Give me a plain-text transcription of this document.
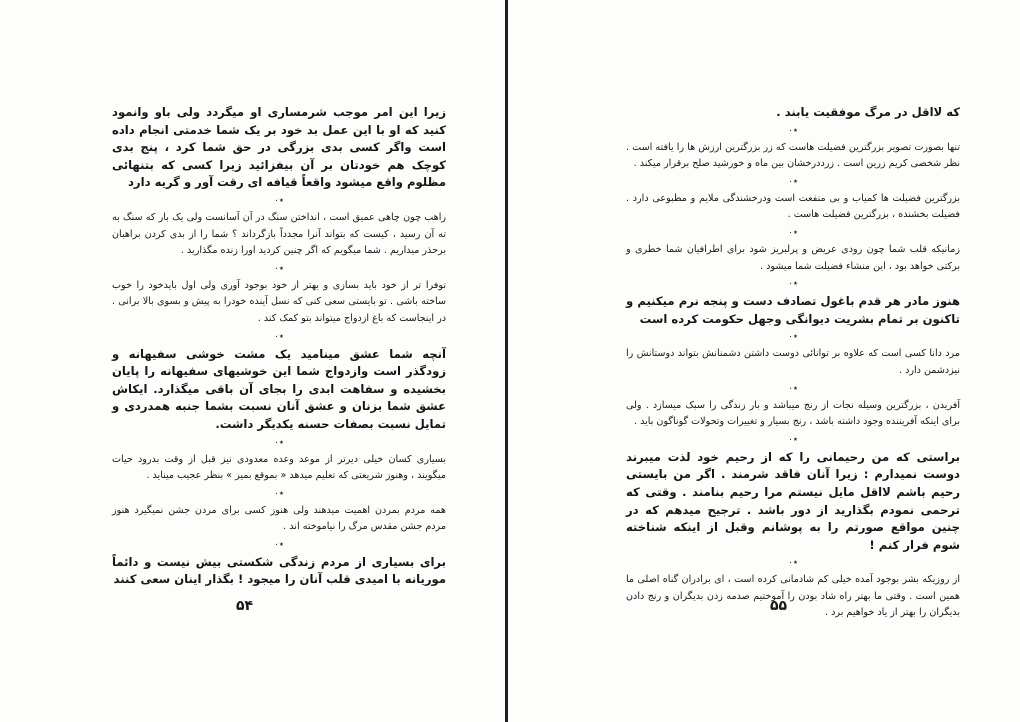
زیرا این امر موجب شرمساری او میگردد ولی باو وانمود کنید که او با این عمل بد خود بر یک شما خدمتی انجام داده است واگر کسی بدی بزرگی در حق شما کرد ، پنج بدی کوچک هم خودتان بر آن بیفزائید زیرا کسی که بتنهائی مظلوم واقع میشود واقعاً قیافه ای رقت آور و گریه دارد

٭٠

راهب چون چاهی عمیق است ، انداختن سنگ در آن آسانست ولی یک بار که سنگ به ته آن رسید ، کیست که بتواند آنرا مجدداً بازگرداند ؟ شما را از بدی کردن براهبان برحذر میداریم . شما میگویم که اگر چنین کردید اورا زنده مگذارید .

٭٠

توفرا تر از خود باید بسازی و بهتر از خود بوجود آوری ولی اول بایدخود را خوب ساخته باشی . تو بایستی سعی کنی که نسل آینده خودرا به پیش و بسوی بالا برانی . در اینجاست که باغ ازدواج میتواند بتو کمک کند .

٭٠

آنچه شما عشق مینامید یک مشت خوشی سفیهانه و زودگذر است وازدواج شما این خوشیهای سفیهانه را پایان بخشیده و سفاهت ابدی را بجای آن باقی میگذارد. ایکاش عشق شما بزنان و عشق آنان نسبت بشما جنبه همدردی و تمایل نسبت بصفات حسنه یکدیگر داشت.

٭٠

بسیاری کسان خیلی دیرتر از موعد وعده معدودی نیز قبل از وقت بدرود حیات میگویند ، وهنوز شریعتی که تعلیم میدهد « بموقع بمیر » بنظر عجیب میناید .

٭٠

همه مردم بمردن اهمیت میدهند ولی هنوز کسی برای مردن جشن نمیگیرد هنوز مردم جشن مقدس مرگ را نیاموخته اند .

٭٠

برای بسیاری از مردم زندگی شکستی بیش نیست و دائماً موریانه با امیدی قلب آنان را میجود ! بگذار اینان سعی کنند

۵۴

که لااقل در مرگ موفقیت یابند .

٭٠

تنها بصورت تصویر بزرگترین فضیلت هاست که زر بزرگترین ارزش ها را یافته است . نظر شخصی کریم زرین است . زرددرخشان بین ماه و خورشید صلح برقرار میکند .

٭٠

بزرگترین فضیلت ها کمیاب و بی منفعت است ودرخشندگی ملایم و مطبوعی دارد . فضیلت بخشنده ، بزرگترین فضیلت هاست .

٭٠

زمانیکه قلب شما چون رودی عریض و پرلبریز شود برای اطرافیان شما خطری و برکتی خواهد بود ، این منشاء فضیلت شما میشود .

٭٠

هنوز مادر هر قدم باغول تصادف دست و پنجه نرم میکنیم و تاکنون بر تمام بشریت دیوانگی وجهل حکومت کرده است

٭٠

مرد دانا کسی است که علاوه بر توانائی دوست داشتن دشمنانش بتواند دوستانش را نیزدشمن دارد .

٭٠

آفریدن ، بزرگترین وسیله نجات از رنج میباشد و بار زندگی را سبک میسازد . ولی برای اینکه آفریننده وجود داشته باشد ، رنج بسیار و تغییرات وتحولات گوناگون باید .

٭٠

براستی که من رحیمانی را که از رحیم خود لذت میبرند دوست نمیدارم : زیرا آنان فاقد شرمند . اگر من بایستی رحیم باشم لااقل مایل نیستم مرا رحیم بنامند . وقتی که ترحمی نمودم بگذارید از دور باشد . ترجیح میدهم که در چنین مواقع صورتم را به پوشانم وقبل از اینکه شناخته شوم فرار کنم !

٭٠

از روزیکه بشر بوجود آمده خیلی کم شادمانی کرده است ، ای برادران گناه اصلی ما همین است . وقتی ما بهتر راه شاد بودن را آموختیم صدمه زدن بدیگران و رنج دادن بدیگران را بهتر از یاد خواهیم برد .

۵۵
